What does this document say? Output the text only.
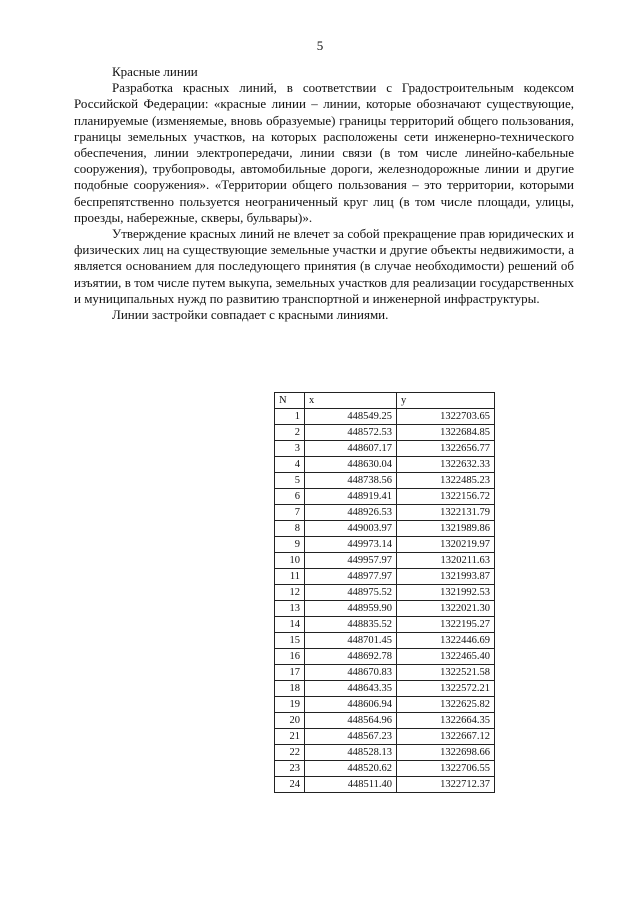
5

Красные линии

Разработка красных линий, в соответствии с Градостроительным кодексом Российской Федерации: «красные линии – линии, которые обозначают существующие, планируемые (изменяемые, вновь образуемые) границы территорий общего пользования, границы земельных участков, на которых расположены сети инженерно-технического обеспечения, линии электропередачи, линии связи (в том числе линейно-кабельные сооружения), трубопроводы, автомобильные дороги, железнодорожные линии и другие подобные сооружения». «Территории общего пользования – это территории, которыми беспрепятственно пользуется неограниченный круг лиц (в том числе площади, улицы, проезды, набережные, скверы, бульвары)».

Утверждение красных линий не влечет за собой прекращение прав юридических и физических лиц на существующие земельные участки и другие объекты недвижимости, а является основанием для последующего принятия (в случае необходимости) решений об изъятии, в том числе путем выкупа, земельных участков для реализации государственных и муниципальных нужд по развитию транспортной и инженерной инфраструктуры.

Линии застройки совпадает с красными линиями.

N	x	y
1	448549.25	1322703.65
2	448572.53	1322684.85
3	448607.17	1322656.77
4	448630.04	1322632.33
5	448738.56	1322485.23
6	448919.41	1322156.72
7	448926.53	1322131.79
8	449003.97	1321989.86
9	449973.14	1320219.97
10	449957.97	1320211.63
11	448977.97	1321993.87
12	448975.52	1321992.53
13	448959.90	1322021.30
14	448835.52	1322195.27
15	448701.45	1322446.69
16	448692.78	1322465.40
17	448670.83	1322521.58
18	448643.35	1322572.21
19	448606.94	1322625.82
20	448564.96	1322664.35
21	448567.23	1322667.12
22	448528.13	1322698.66
23	448520.62	1322706.55
24	448511.40	1322712.37
